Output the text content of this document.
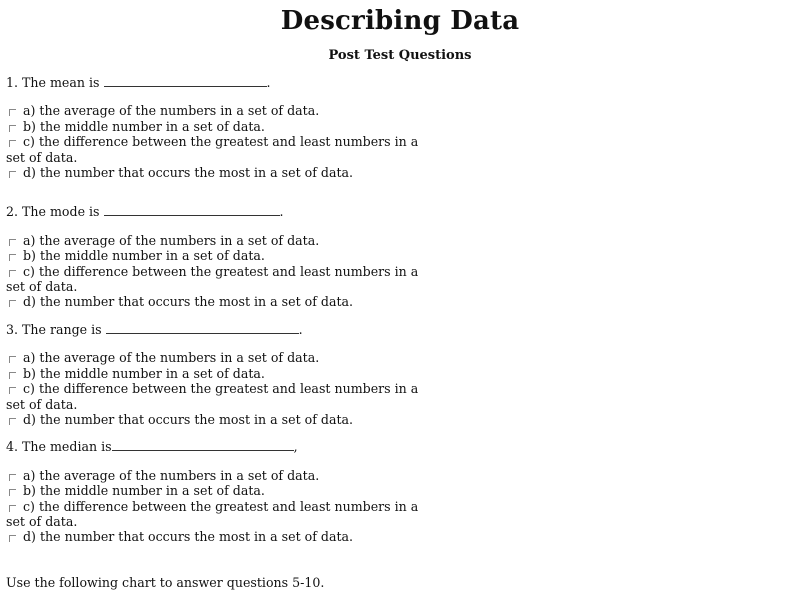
Describing Data
Post Test Questions
1. The mean is	.
a) the average of the numbers in a set of data.
b) the middle number in a set of data.
c) the difference between the greatest and least numbers in a set of data.
d) the number that occurs the most in a set of data.
2. The mode is	.
a) the average of the numbers in a set of data.
b) the middle number in a set of data.
c) the difference between the greatest and least numbers in a set of data.
d) the number that occurs the most in a set of data.
3. The range is	.
a) the average of the numbers in a set of data.
b) the middle number in a set of data.
c) the difference between the greatest and least numbers in a set of data.
d) the number that occurs the most in a set of data.
4. The median is	,
a) the average of the numbers in a set of data.
b) the middle number in a set of data.
c) the difference between the greatest and least numbers in a set of data.
d) the number that occurs the most in a set of data.
Use the following chart to answer questions 5-10.
